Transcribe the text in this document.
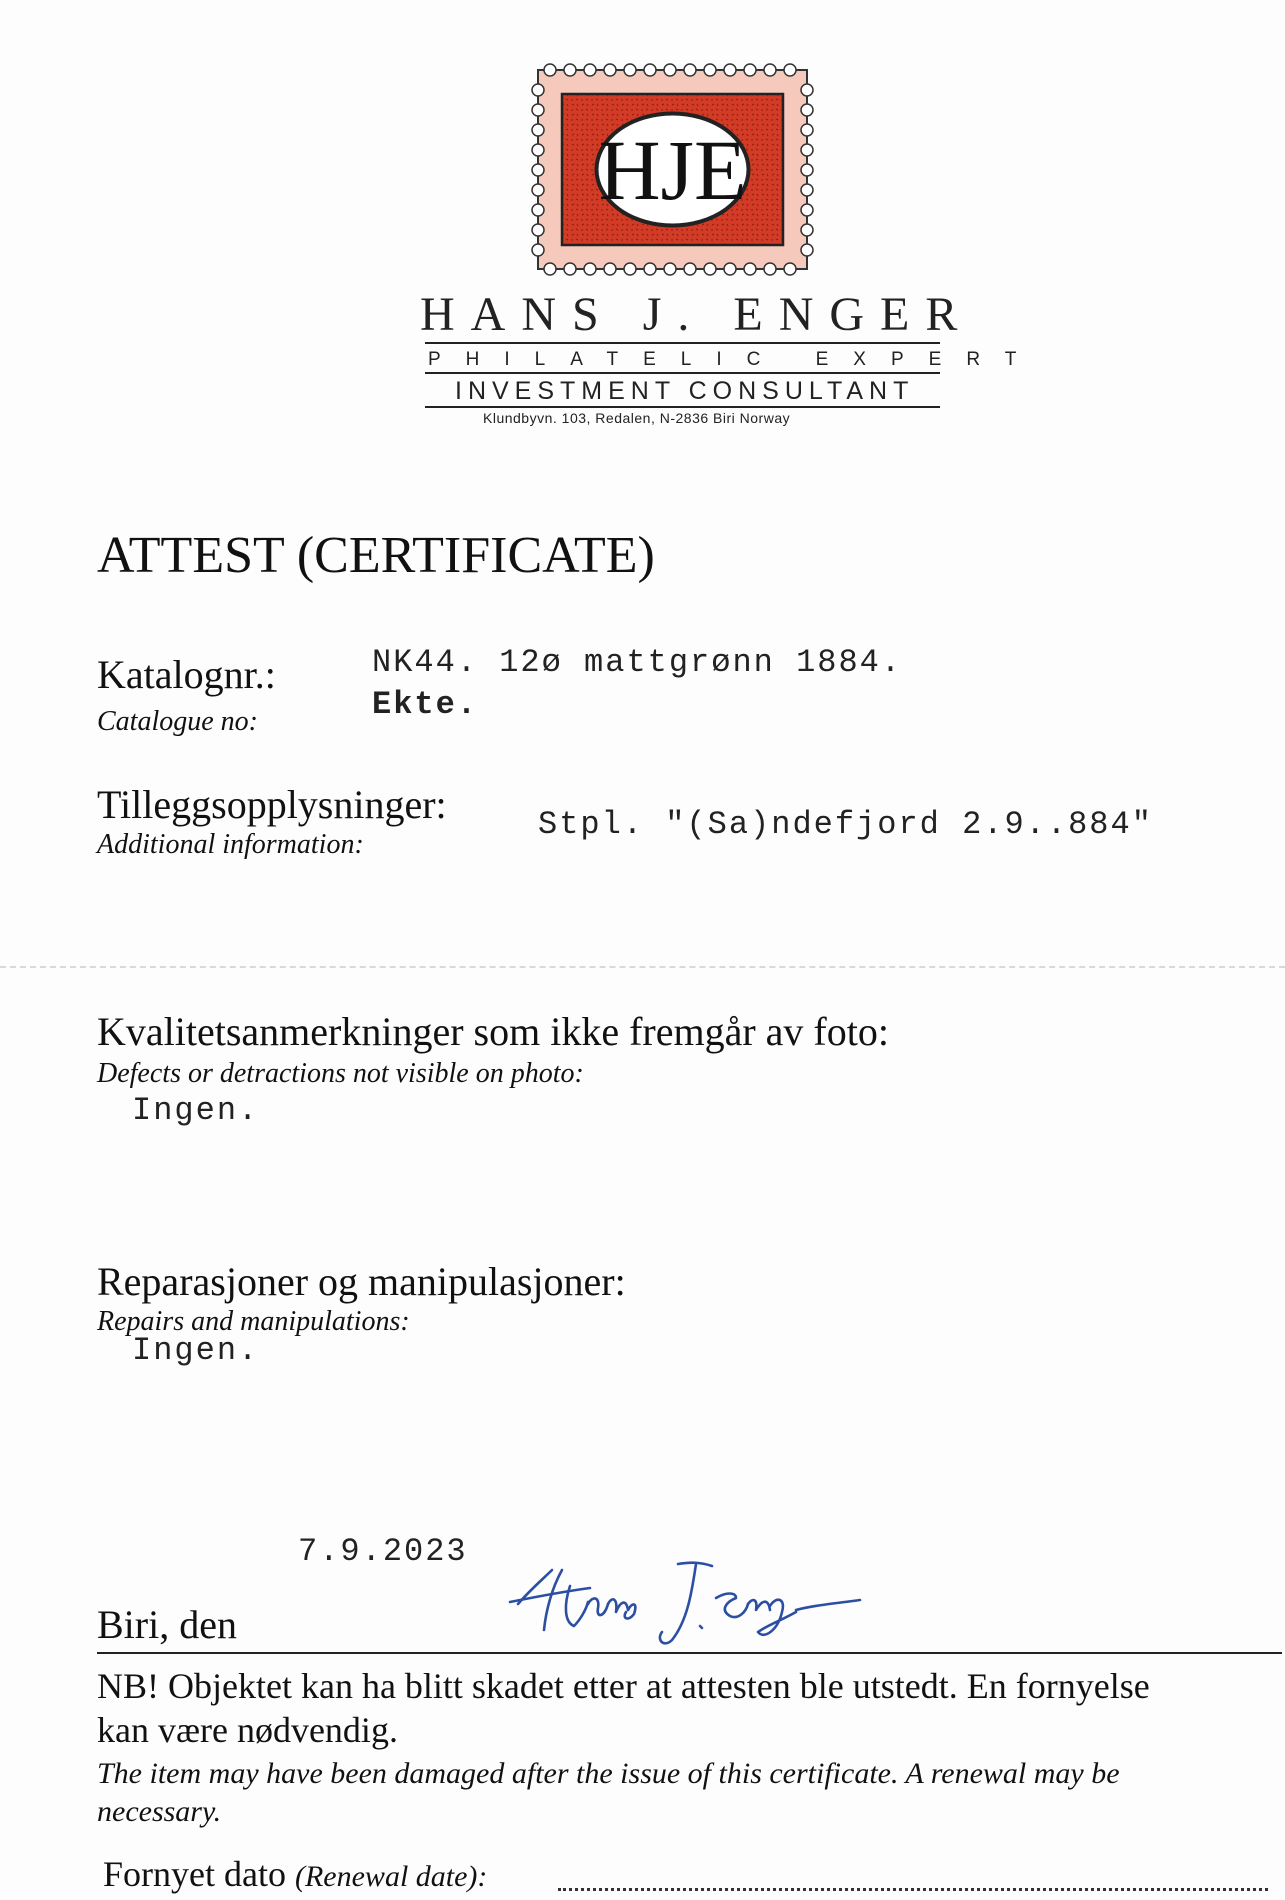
HJE
HANS J. ENGER
PHILATELIC EXPERT
INVESTMENT CONSULTANT
Klundbyvn. 103, Redalen, N-2836 Biri Norway
ATTEST (CERTIFICATE)
Katalognr.:
Catalogue no:
NK44. 12ø mattgrønn 1884.
Ekte.
Tilleggsopplysninger:
Additional information:
Stpl. "(Sa)ndefjord 2.9..884"
Kvalitetsanmerkninger som ikke fremgår av foto:
Defects or detractions not visible on photo:
Ingen.
Reparasjoner og manipulasjoner:
Repairs and manipulations:
Ingen.
7.9.2023
Biri, den
NB! Objektet kan ha blitt skadet etter at attesten ble utstedt. En fornyelse
kan være nødvendig.
The item may have been damaged after the issue of this certificate. A renewal may be
necessary.
Fornyet dato (Renewal date):
